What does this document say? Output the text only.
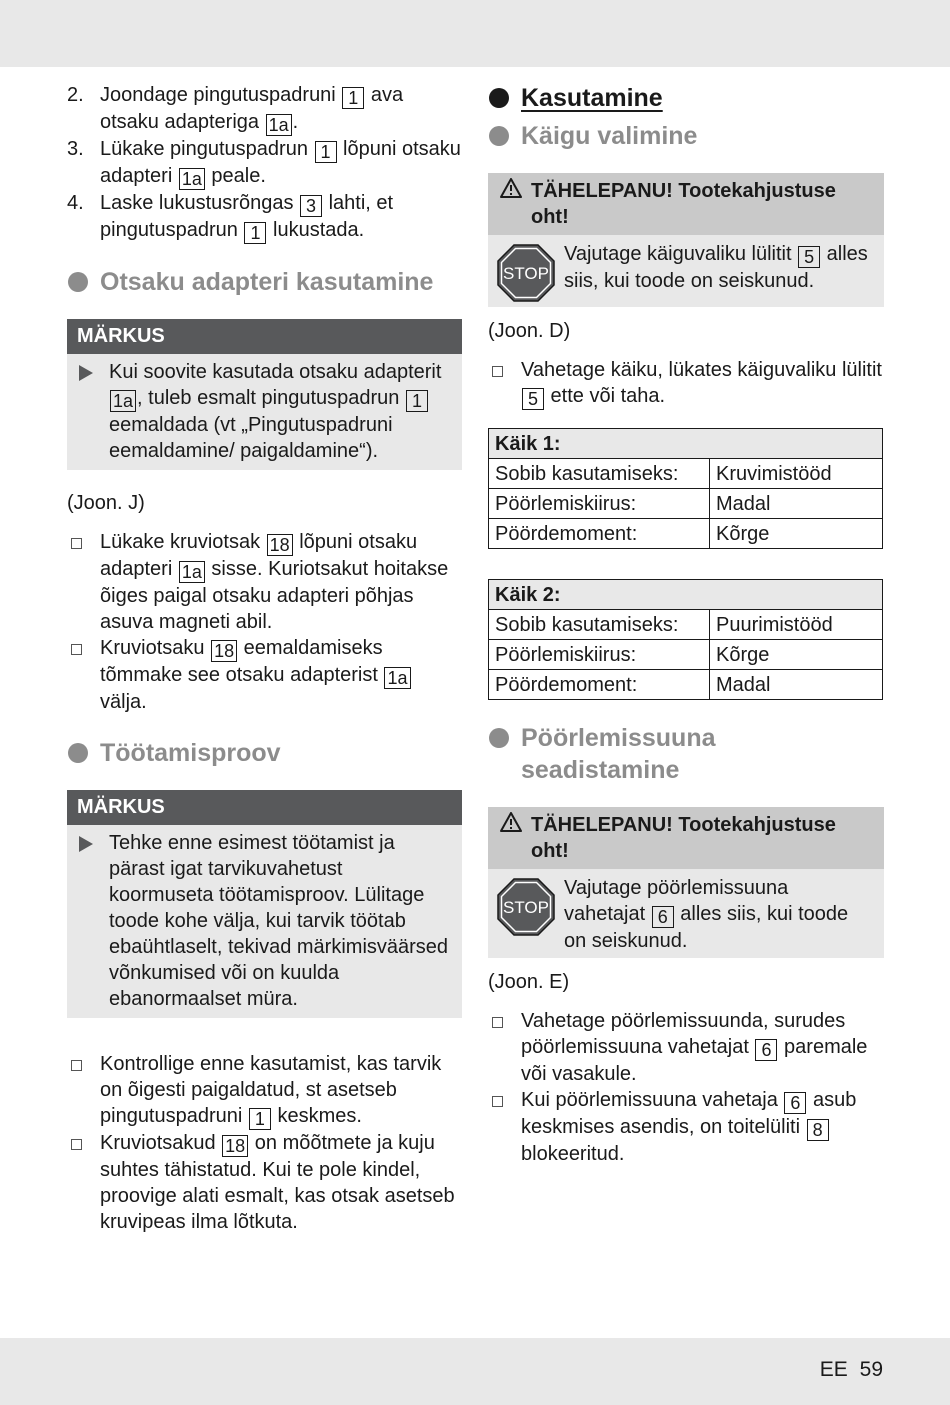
2. Joondage pingutuspadruni 1 ava otsaku adapteriga 1a .
3. Lükake pingutuspadrun 1 lõpuni otsaku adapteri 1a peale.
4. Laske lukustusrõngas 3 lahti, et pingutuspadrun 1 lukustada.
Otsaku adapteri kasutamine
MÄRKUS
Kui soovite kasutada otsaku adapterit 1a , tuleb esmalt pingutuspadrun 1 eemaldada (vt „Pingutuspadruni eemaldamine/ paigaldamine“).
(Joon. J)
Lükake kruviotsak 18 lõpuni otsaku adapteri 1a sisse. Kuriotsakut hoitakse õiges paigal otsaku adapteri põhjas asuva magneti abil.
Kruviotsaku 18 eemaldamiseks tõmmake see otsaku adapterist 1a välja.
Töötamisproov
MÄRKUS
Tehke enne esimest töötamist ja pärast igat tarvikuvahetust koormuseta töötamisproov. Lülitage toode kohe välja, kui tarvik töötab ebaühtlaselt, tekivad märkimisväärsed võnkumised või on kuulda ebanormaalset müra.
Kontrollige enne kasutamist, kas tarvik on õigesti paigaldatud, st asetseb pingutuspadruni 1 keskmes.
Kruviotsakud 18 on mõõtmete ja kuju suhtes tähistatud. Kui te pole kindel, proovige alati esmalt, kas otsak asetseb kruvipeas ilma lõtkuta.
Kasutamine
Käigu valimine
TÄHELEPANU! Tootekahjustuse oht!
STOP
Vajutage käiguvaliku lülitit 5 alles siis, kui toode on seiskunud.
(Joon. D)
Vahetage käiku, lükates käiguvaliku lülitit 5 ette või taha.
Käik 1:	
Sobib kasutamiseks:	Kruvimistööd
Pöörlemiskiirus:	Madal
Pöördemoment:	Kõrge
Käik 2:	
Sobib kasutamiseks:	Puurimistööd
Pöörlemiskiirus:	Kõrge
Pöördemoment:	Madal
Pöörlemissuuna seadistamine
TÄHELEPANU! Tootekahjustuse oht!
STOP
Vajutage pöörlemissuuna vahetajat 6 alles siis, kui toode on seiskunud.
(Joon. E)
Vahetage pöörlemissuunda, surudes pöörlemissuuna vahetajat 6 paremale või vasakule.
Kui pöörlemissuuna vahetaja 6 asub keskmises asendis, on toitelüliti 8 blokeeritud.
EE 59
